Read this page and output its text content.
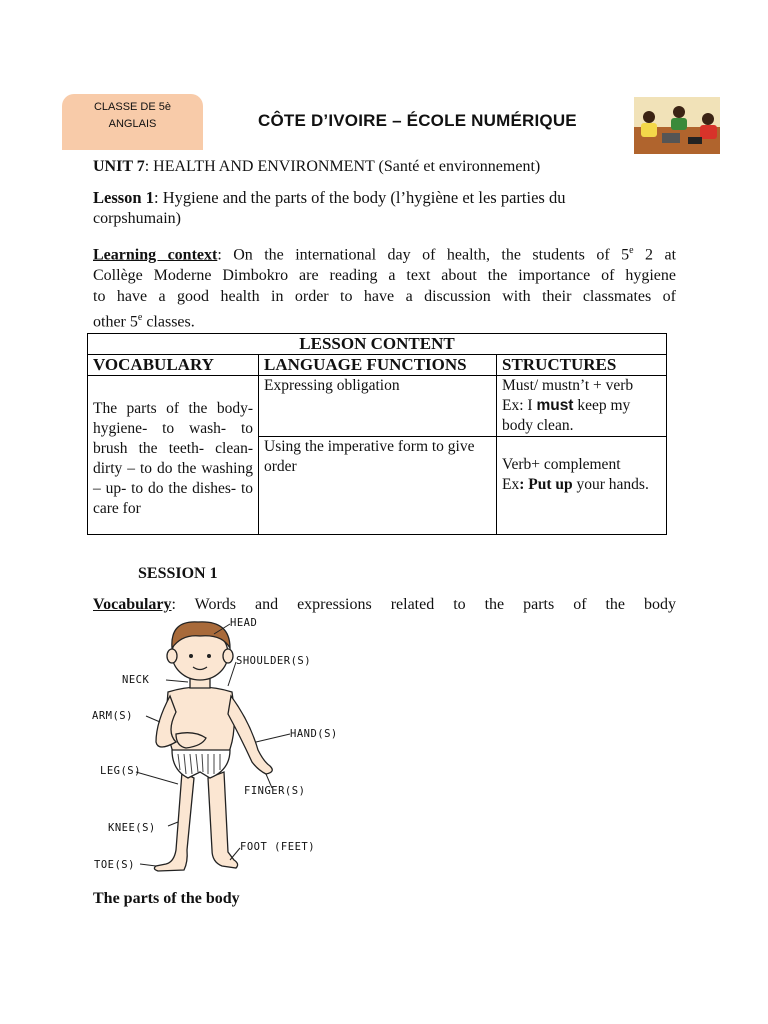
CLASSE DE 5è
ANGLAIS	CÔTE D’IVOIRE – ÉCOLE NUMÉRIQUE
UNIT 7: HEALTH AND ENVIRONMENT (Santé et environnement)
Lesson 1: Hygiene and the parts of the body (l’hygiène et les parties du
corpshumain)
Learning context: On the international day of health, the students of 5e 2 at
Collège Moderne Dimbokro are reading a text about the importance of hygiene
to have a good health in order to have a discussion with their classmates of
other 5e classes.
LESSON CONTENT		
VOCABULARY	LANGUAGE FUNCTIONS	STRUCTURES
The parts of the body- hygiene- to wash- to brush the teeth- clean- dirty – to do the washing – up- to do the dishes- to care for	Expressing obligation	Must/ mustn’t + verb
Ex: I must keep my body clean.

	Using the imperative form to give order	Verb+ complement
Ex: Put up your hands.
SESSION 1
Vocabulary: Words and expressions related to the parts of the body
HEAD
SHOULDER(S)
NECK
ARM(S)
HAND(S)
LEG(S)
FINGER(S)
KNEE(S)
FOOT (FEET)
TOE(S)
The parts of the body
